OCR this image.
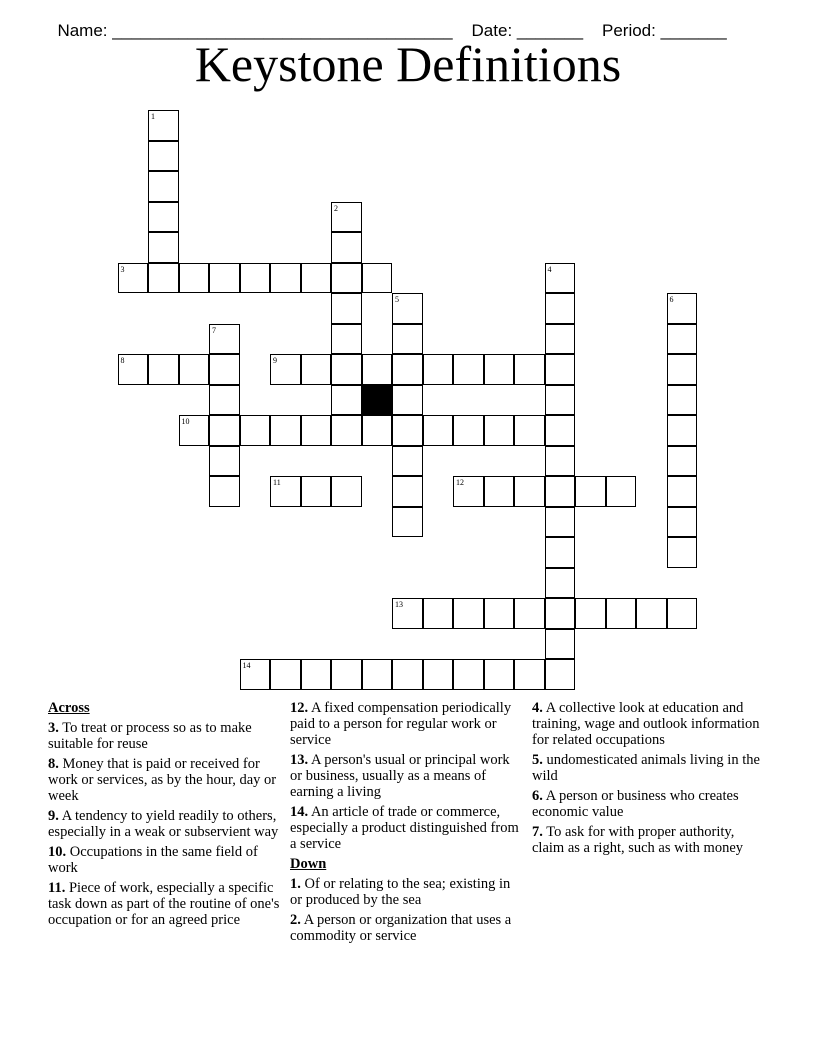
Name: ____________________________________ Date: _______ Period: _______

Keystone Definitions
1
2
3	4
5	6
7
8	9
10
11	12
13
14
Across
3. To treat or process so as to make suitable for reuse
8. Money that is paid or received for work or services, as by the hour, day or week
9. A tendency to yield readily to others, especially in a weak or subservient way
10. Occupations in the same field of work
11. Piece of work, especially a specific task down as part of the routine of one's occupation or for an agreed price
12. A fixed compensation periodically paid to a person for regular work or service
13. A person's usual or principal work or business, usually as a means of earning a living
14. An article of trade or commerce, especially a product distinguished from a service
Down
1. Of or relating to the sea; existing in or produced by the sea
2. A person or organization that uses a commodity or service
4. A collective look at education and training, wage and outlook information for related occupations
5. undomesticated animals living in the wild
6. A person or business who creates economic value
7. To ask for with proper authority, claim as a right, such as with money
